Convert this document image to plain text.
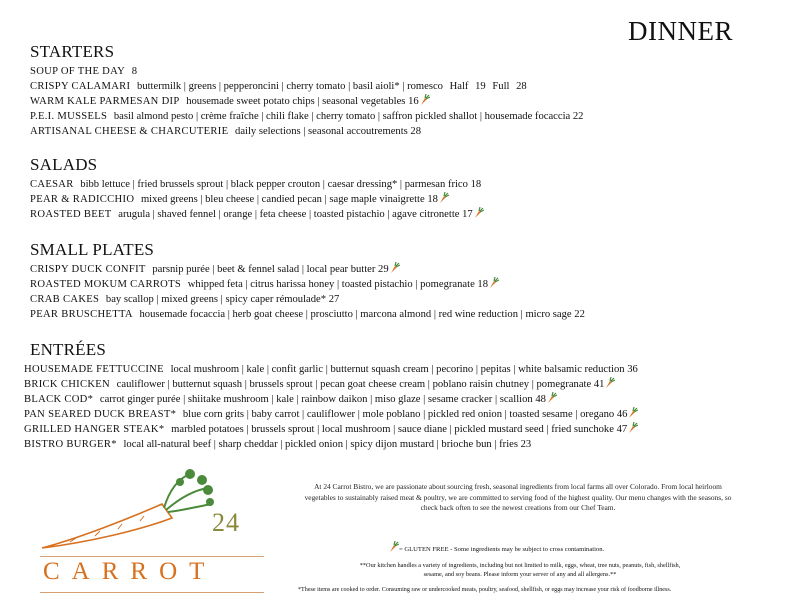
DINNER
STARTERS
SOUP OF THE DAY 8
CRISPY CALAMARI buttermilk | greens | pepperoncini | cherry tomato | basil aioli* | romesco Half 19 Full 28
WARM KALE PARMESAN DIP housemade sweet potato chips | seasonal vegetables 16
P.E.I. MUSSELS basil almond pesto | crème fraîche | chili flake | cherry tomato | saffron pickled shallot | housemade focaccia 22
ARTISANAL CHEESE & CHARCUTERIE daily selections | seasonal accoutrements 28
SALADS
CAESAR bibb lettuce | fried brussels sprout | black pepper crouton | caesar dressing* | parmesan frico 18
PEAR & RADICCHIO mixed greens | bleu cheese | candied pecan | sage maple vinaigrette 18
ROASTED BEET arugula | shaved fennel | orange | feta cheese | toasted pistachio | agave citronette 17
SMALL PLATES
CRISPY DUCK CONFIT parsnip purée | beet & fennel salad | local pear butter 29
ROASTED MOKUM CARROTS whipped feta | citrus harissa honey | toasted pistachio | pomegranate 18
CRAB CAKES bay scallop | mixed greens | spicy caper rémoulade* 27
PEAR BRUSCHETTA housemade focaccia | herb goat cheese | prosciutto | marcona almond | red wine reduction | micro sage 22
ENTRÉES
HOUSEMADE FETTUCCINE local mushroom | kale | confit garlic | butternut squash cream | pecorino | pepitas | white balsamic reduction 36
BRICK CHICKEN cauliflower | butternut squash | brussels sprout | pecan goat cheese cream | poblano raisin chutney | pomegranate 41
BLACK COD* carrot ginger purée | shiitake mushroom | kale | rainbow daikon | miso glaze | sesame cracker | scallion 48
PAN SEARED DUCK BREAST* blue corn grits | baby carrot | cauliflower | mole poblano | pickled red onion | toasted sesame | oregano 46
GRILLED HANGER STEAK* marbled potatoes | brussels sprout | local mushroom | sauce diane | pickled mustard seed | fried sunchoke 47
BISTRO BURGER* local all-natural beef | sharp cheddar | pickled onion | spicy dijon mustard | brioche bun | fries 23
24
CARROT
At 24 Carrot Bistro, we are passionate about sourcing fresh, seasonal ingredients from local farms all over Colorado. From local heirloom vegetables to sustainably raised meat & poultry, we are committed to serving food of the highest quality. Our menu changes with the seasons, so check back often to see the newest creations from our Chef Team.
= GLUTEN FREE - Some ingredients may be subject to cross contamination.
**Our kitchen handles a variety of ingredients, including but not limited to milk, eggs, wheat, tree nuts, peanuts, fish, shellfish, sesame, and soy beans. Please inform your server of any and all allergens.**
*These items are cooked to order. Consuming raw or undercooked meats, poultry, seafood, shellfish, or eggs may increase your risk of foodborne illness.
